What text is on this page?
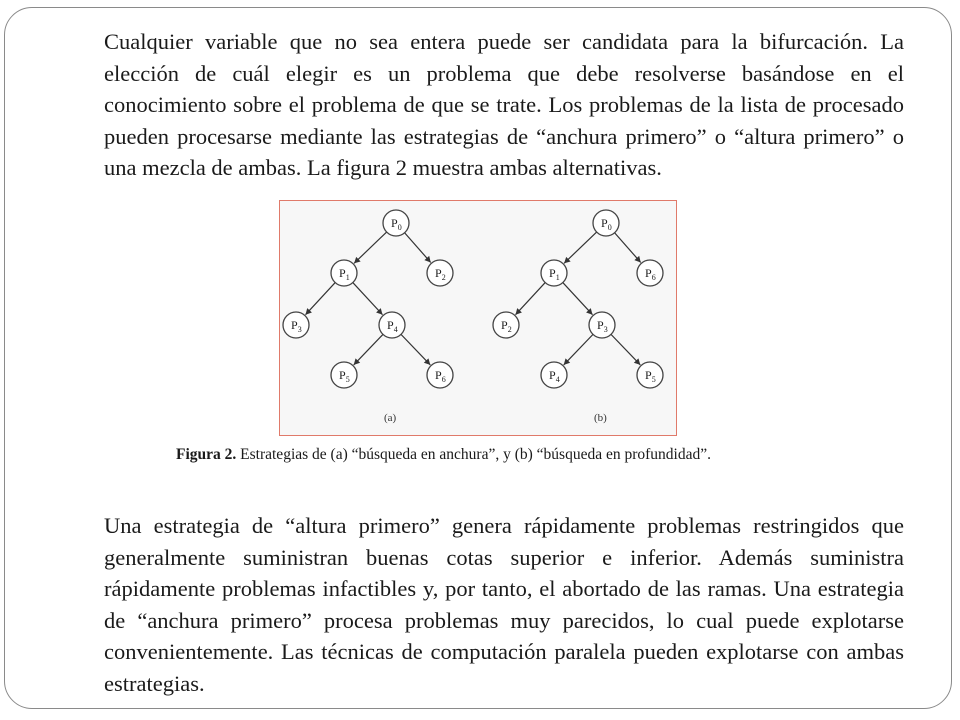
Cualquier variable que no sea entera puede ser candidata para la bifurcación. La elección de cuál elegir es un problema que debe resolverse basándose en el conocimiento sobre el problema de que se trate. Los problemas de la lista de procesado pueden procesarse mediante las estrategias de “anchura primero” o “altura primero” o una mezcla de ambas. La figura 2 muestra ambas alternativas.

$P_0$
$P_1$	$P_2$
$P_3$	$P_4$
$P_5$	$P_6$
(a)
$P_0$
$P_1$	$P_6$
$P_2$	$P_3$
$P_4$	$P_5$
(b)
Figura 2. Estrategias de (a) “búsqueda en anchura”, y (b) “búsqueda en profundidad”.

Una estrategia de “altura primero” genera rápidamente problemas restringidos que generalmente suministran buenas cotas superior e inferior. Además suministra rápidamente problemas infactibles y, por tanto, el abortado de las ramas. Una estrategia de “anchura primero” procesa problemas muy parecidos, lo cual puede explotarse convenientemente. Las técnicas de computación paralela pueden explotarse con ambas estrategias.
